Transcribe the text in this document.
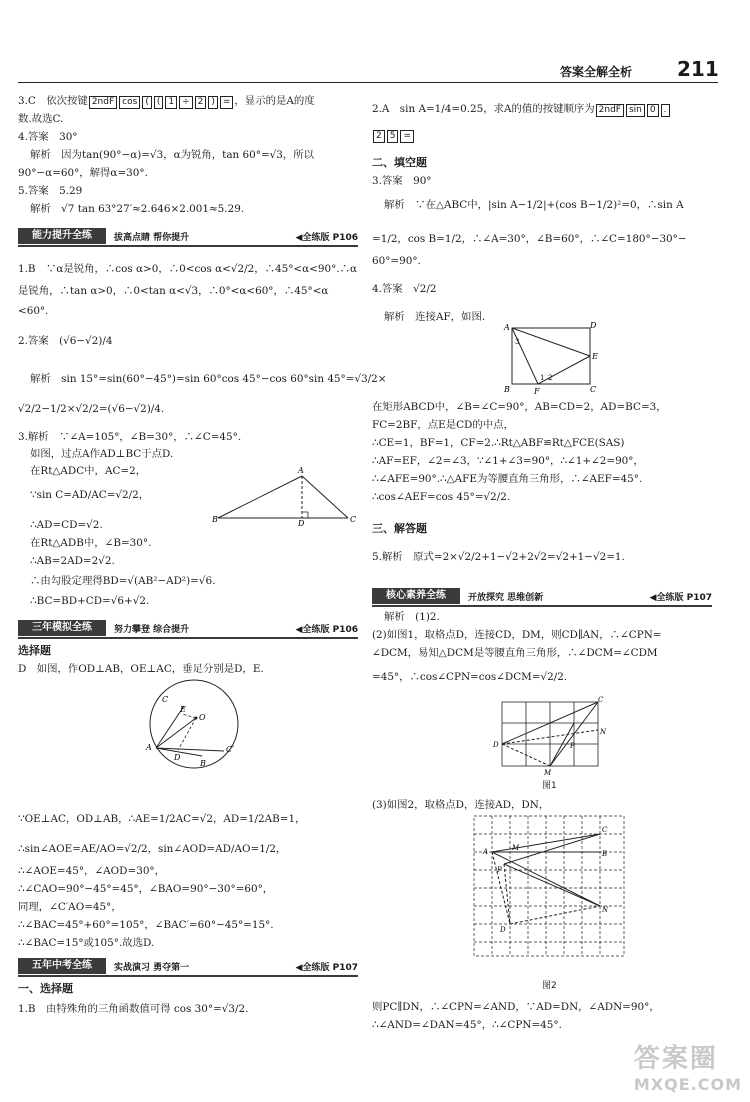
答案全解全析 211
3.C　依次按键 2ndF cos ( ( 1 ÷ 2 ) = ，显示的是A的度
数.故选C.
4.答案　30°
解析　因为tan(90°−α)=√3，α为锐角，tan 60°=√3，所以
90°−α=60°，解得α=30°.
5.答案　5.29
解析　√7 tan 63°27′≈2.646×2.001≈5.29.
能力提升全练	拔高点睛 帮你提升	◀全练版 P106
1.B　∵α是锐角，∴cos α>0，∴0<cos α<√2/2，∴45°<α<90°.∴α
是锐角，∴tan α>0，∴0<tan α<√3，∴0°<α<60°，∴45°<α
<60°.
2.答案　(√6−√2)/4
解析　sin 15°=sin(60°−45°)=sin 60°cos 45°−cos 60°sin 45°=√3/2×
√2/2−1/2×√2/2=(√6−√2)/4.
3.解析　∵∠A=105°，∠B=30°，∴∠C=45°.
如图，过点A作AD⊥BC于点D.
在Rt△ADC中，AC=2，
∵sin C=AD/AC=√2/2，
∴AD=CD=√2.
在Rt△ADB中，∠B=30°.
∴AB=2AD=2√2.
∴由勾股定理得BD=√(AB²−AD²)=√6.
∴BC=BD+CD=√6+√2.
A
B	C
D
三年模拟全练	努力攀登 综合提升	◀全练版 P106
选择题
D　如图，作OD⊥AB，OE⊥AC，垂足分别是D，E.
C
E
O
A
D
B
C′
∵OE⊥AC，OD⊥AB，∴AE=1/2AC=√2，AD=1/2AB=1，
∴sin∠AOE=AE/AO=√2/2，sin∠AOD=AD/AO=1/2，
∴∠AOE=45°，∠AOD=30°，
∴∠CAO=90°−45°=45°，∠BAO=90°−30°=60°，
同理，∠C′AO=45°，
∴∠BAC=45°+60°=105°，∠BAC′=60°−45°=15°.
∴∠BAC=15°或105°.故选D.
五年中考全练	实战演习 勇夺第一	◀全练版 P107
一、选择题
1.B　由特殊角的三角函数值可得 cos 30°=√3/2.
2.A　sin A=1/4=0.25，求A的值的按键顺序为 2ndF sin 0 .
2 5 =
二、填空题
3.答案　90°
解析　∵在△ABC中，|sin A−1/2|+(cos B−1/2)²=0，∴sin A
=1/2，cos B=1/2，∴∠A=30°，∠B=60°，∴∠C=180°−30°−
60°=90°.
4.答案　√2/2
解析　连接AF，如图.
A	D
E
B	F	C
3
1 2
在矩形ABCD中，∠B=∠C=90°，AB=CD=2，AD=BC=3，
FC=2BF，点E是CD的中点，
∴CE=1，BF=1，CF=2.∴Rt△ABF≌Rt△FCE(SAS)
∴AF=EF，∠2=∠3，∵∠1+∠3=90°，∴∠1+∠2=90°，
∴∠AFE=90°.∴△AFE为等腰直角三角形，∴∠AEF=45°.
∴cos∠AEF=cos 45°=√2/2.
三、解答题
5.解析　原式=2×√2/2+1−√2+2√2=√2+1−√2=1.
核心素养全练	开放探究 思维创新	◀全练版 P107
解析　(1)2.
(2)如图1，取格点D，连接CD，DM，则CD∥AN，∴∠CPN=
∠DCM，易知△DCM是等腰直角三角形，∴∠DCM=∠CDM
=45°，∴cos∠CPN=cos∠DCM=√2/2.
C
D
N
P
M
图1
(3)如图2，取格点D，连接AD，DN，
C
A	M
B
P
N
D
图2
则PC∥DN，∴∠CPN=∠AND，∵AD=DN，∠ADN=90°，
∴∠AND=∠DAN=45°，∴∠CPN=45°.
答案圈
MXQE.COM
